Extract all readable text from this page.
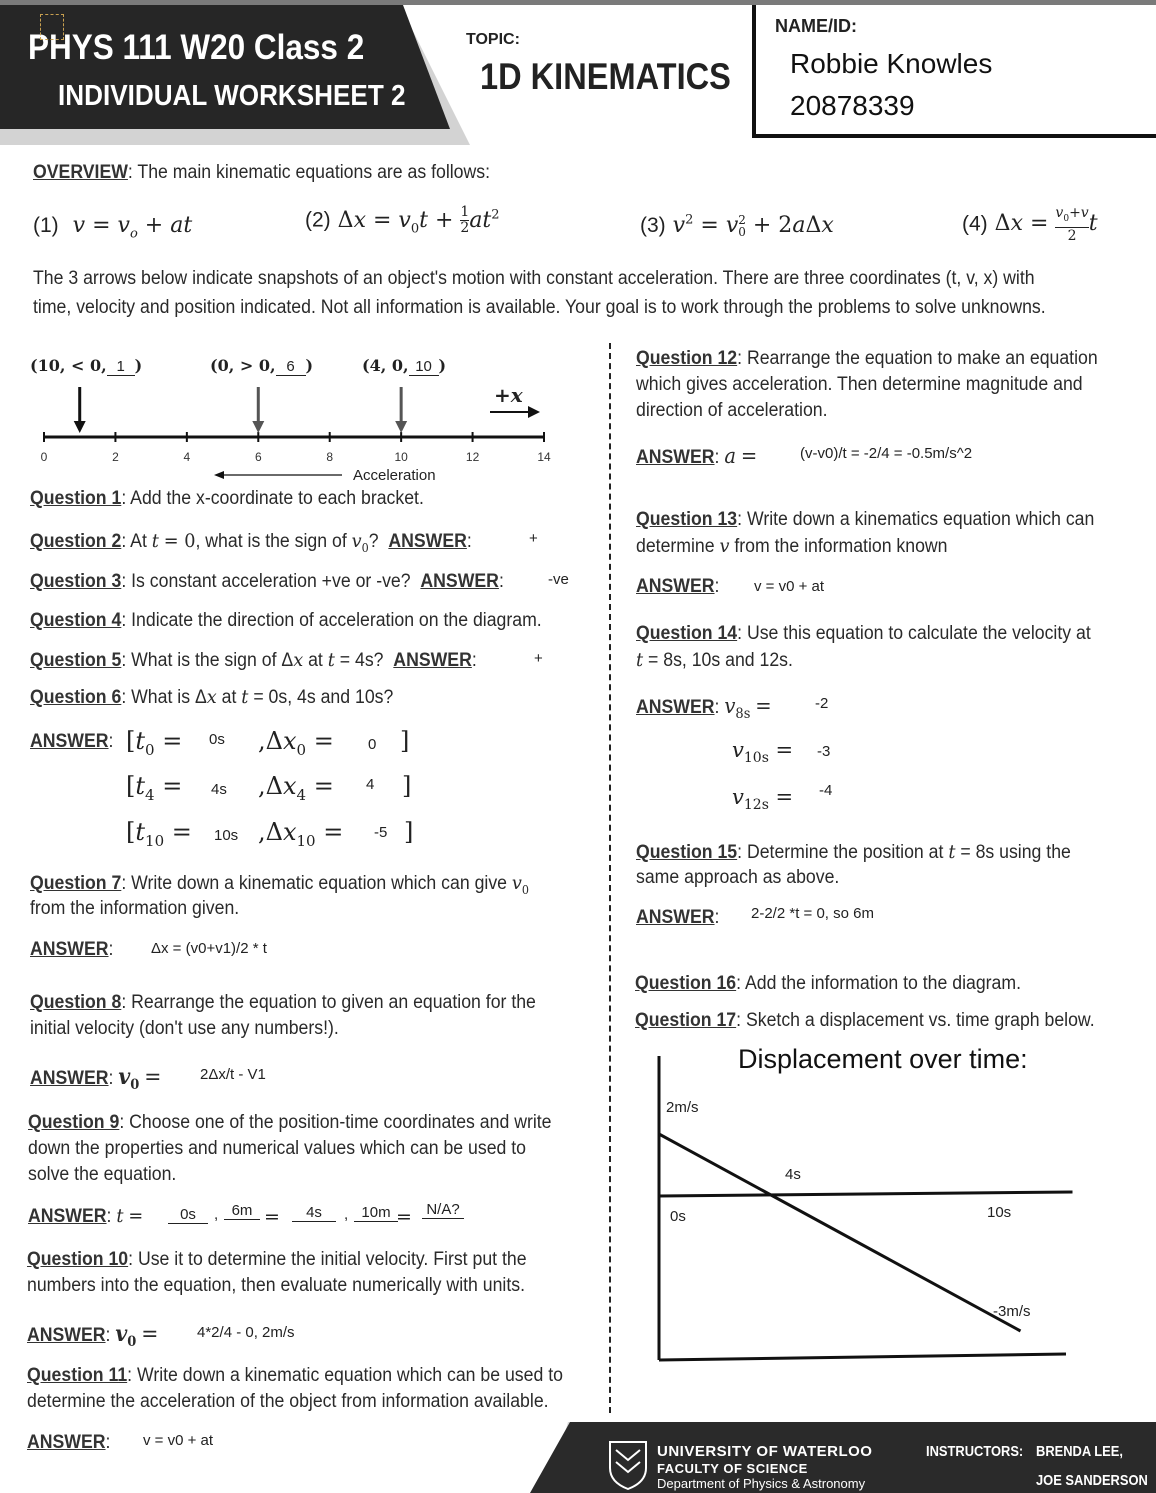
PHYS 111 W20 Class 2
INDIVIDUAL WORKSHEET 2
TOPIC:
1D KINEMATICS
NAME/ID:
Robbie Knowles
20878339
OVERVIEW: The main kinematic equations are as follows:
(1) $v = v_o$ + at	(2) $\Delta x = v_0t + \frac{1}{2} at^2$	(3) $v^2 = v$ 2
0 + 2aΔx	(4) $\Delta x = \frac{v_0+v}{2}$ t
The 3 arrows below indicate snapshots of an object's motion with constant acceleration. There are three coordinates (t, v, x) with
time, velocity and position indicated. Not all information is available. Your goal is to work through the problems to solve unknowns.
(10, < 0, 1 )	(0, > 0, 6 )	(4, 0, 10 )
0	2	4	6	8	10	12	14
+x
Acceleration
Question 1: Add the x-coordinate to each bracket.
Question 2: At t = 0, what is the sign of $v_0$?  ANSWER:	+
Question 3: Is constant acceleration +ve or -ve? ANSWER:	-ve
Question 4: Indicate the direction of acceleration on the diagram.
Question 5: What is the sign of Δx at t = 4s? ANSWER:	+
Question 6: What is Δx at t = 0s, 4s and 10s?
ANSWER: [$t_0 = 0s$ $,\Delta x_0 = 0$ ]
[$t_4 = 4s$ $,\Delta x_4 = 4$ ]
[$t_{10} = 10s$ $,\Delta x_{10} = -5$ ]
Question 7: Write down a kinematic equation which can give $v_0$
from the information given.
ANSWER:	Δx = (v0+v1)/2 * t
Question 8: Rearrange the equation to given an equation for the
initial velocity (don't use any numbers!).
ANSWER: $v_0$ =	2Δx/t - V1
Question 9: Choose one of the position-time coordinates and write
down the properties and numerical values which can be used to
solve the equation.
ANSWER: t =	0s	, 6m =	4s	, 10m = N/A?
Question 10: Use it to determine the initial velocity. First put the
numbers into the equation, then evaluate numerically with units.
ANSWER: $v_0$ =	4*2/4 - 0, 2m/s
Question 11: Write down a kinematic equation which can be used to
determine the acceleration of the object from information available.
ANSWER: v = v0 + at
Question 12: Rearrange the equation to make an equation
which gives acceleration. Then determine magnitude and
direction of acceleration.
ANSWER: a =	(v-v0)/t = -2/4 = -0.5m/s^2
Question 13: Write down a kinematics equation which can
determine v from the information known
ANSWER: v = v0 + at
Question 14: Use this equation to calculate the velocity at
t = 8s, 10s and 12s.
ANSWER: $v_{8s}$ =	-2
$v_{10s} = -3$
$v_{12s} = -4$
Question 15: Determine the position at t = 8s using the
same approach as above.
ANSWER: 2-2/2 *t = 0, so 6m
Question 16: Add the information to the diagram.
Question 17: Sketch a displacement vs. time graph below.
Displacement over time:
2m/s
4s
0s	10s
-3m/s
UNIVERSITY OF WATERLOO
FACULTY OF SCIENCE
Department of Physics & Astronomy
INSTRUCTORS: BRENDA LEE,
JOE SANDERSON
